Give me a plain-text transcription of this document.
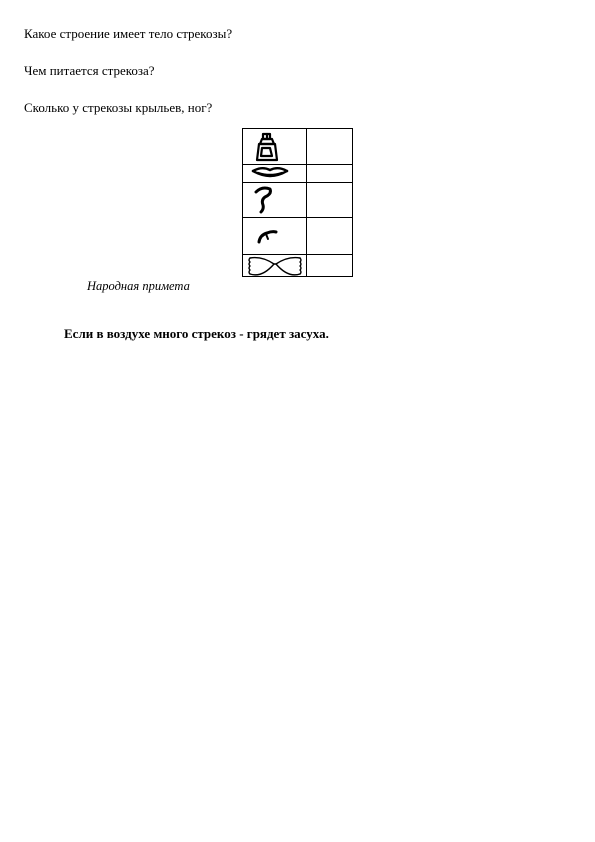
Какое строение имеет тело стрекозы?
Чем питается стрекоза?
Сколько у стрекозы крыльев, ног?
Народная примета
Если в воздухе много стрекоз - грядет засуха.
